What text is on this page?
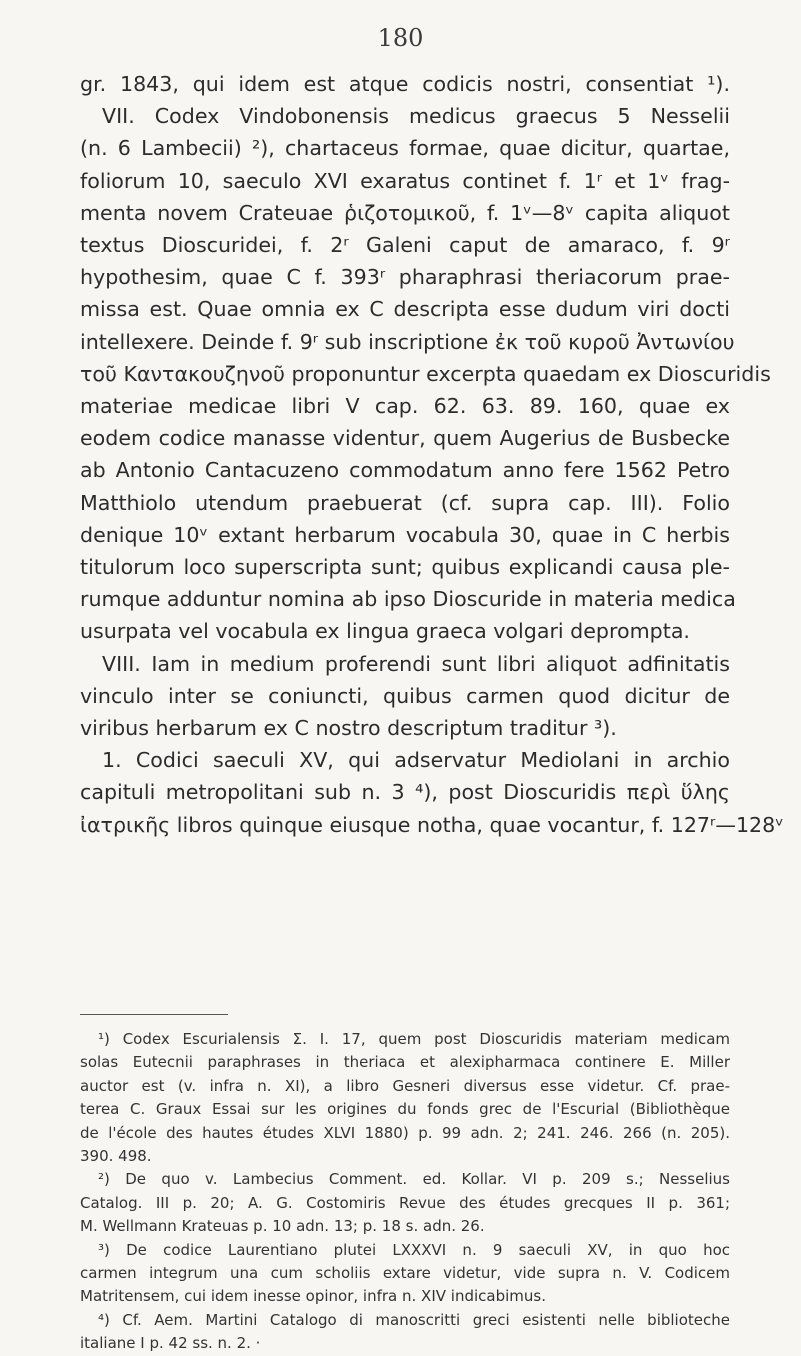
180
gr. 1843, qui idem est atque codicis nostri, consentiat ¹).
VII. Codex Vindobonensis medicus graecus 5 Nesselii
(n. 6 Lambecii) ²), chartaceus formae, quae dicitur, quartae,
foliorum 10, saeculo XVI exaratus continet f. 1ʳ et 1ᵛ frag-
menta novem Crateuae ῥιζοτομικοῦ, f. 1ᵛ—8ᵛ capita aliquot
textus Dioscuridei, f. 2ʳ Galeni caput de amaraco, f. 9ʳ
hypothesim, quae C f. 393ʳ pharaphrasi theriacorum prae-
missa est. Quae omnia ex C descripta esse dudum viri docti
intellexere. Deinde f. 9ʳ sub inscriptione ἐκ τοῦ κυροῦ Ἀντωνίου
τοῦ Καντακουζηνοῦ proponuntur excerpta quaedam ex Dioscuridis
materiae medicae libri V cap. 62. 63. 89. 160, quae ex
eodem codice manasse videntur, quem Augerius de Busbecke
ab Antonio Cantacuzeno commodatum anno fere 1562 Petro
Matthiolo utendum praebuerat (cf. supra cap. III). Folio
denique 10ᵛ extant herbarum vocabula 30, quae in C herbis
titulorum loco superscripta sunt; quibus explicandi causa ple-
rumque adduntur nomina ab ipso Dioscuride in materia medica
usurpata vel vocabula ex lingua graeca volgari deprompta.
VIII. Iam in medium proferendi sunt libri aliquot adfinitatis
vinculo inter se coniuncti, quibus carmen quod dicitur de
viribus herbarum ex C nostro descriptum traditur ³).
1. Codici saeculi XV, qui adservatur Mediolani in archio
capituli metropolitani sub n. 3 ⁴), post Dioscuridis περὶ ὕλης
ἰατρικῆς libros quinque eiusque notha, quae vocantur, f. 127ʳ—128ᵛ
¹) Codex Escurialensis Σ. I. 17, quem post Dioscuridis materiam medicam
solas Eutecnii paraphrases in theriaca et alexipharmaca continere E. Miller
auctor est (v. infra n. XI), a libro Gesneri diversus esse videtur. Cf. prae-
terea C. Graux Essai sur les origines du fonds grec de l'Escurial (Bibliothèque
de l'école des hautes études XLVI 1880) p. 99 adn. 2; 241. 246. 266 (n. 205).
390. 498.
²) De quo v. Lambecius Comment. ed. Kollar. VI p. 209 s.; Nesselius
Catalog. III p. 20; A. G. Costomiris Revue des études grecques II p. 361;
M. Wellmann Krateuas p. 10 adn. 13; p. 18 s. adn. 26.
³) De codice Laurentiano plutei LXXXVI n. 9 saeculi XV, in quo hoc
carmen integrum una cum scholiis extare videtur, vide supra n. V. Codicem
Matritensem, cui idem inesse opinor, infra n. XIV indicabimus.
⁴) Cf. Aem. Martini Catalogo di manoscritti greci esistenti nelle biblioteche
italiane I p. 42 ss. n. 2. ·
